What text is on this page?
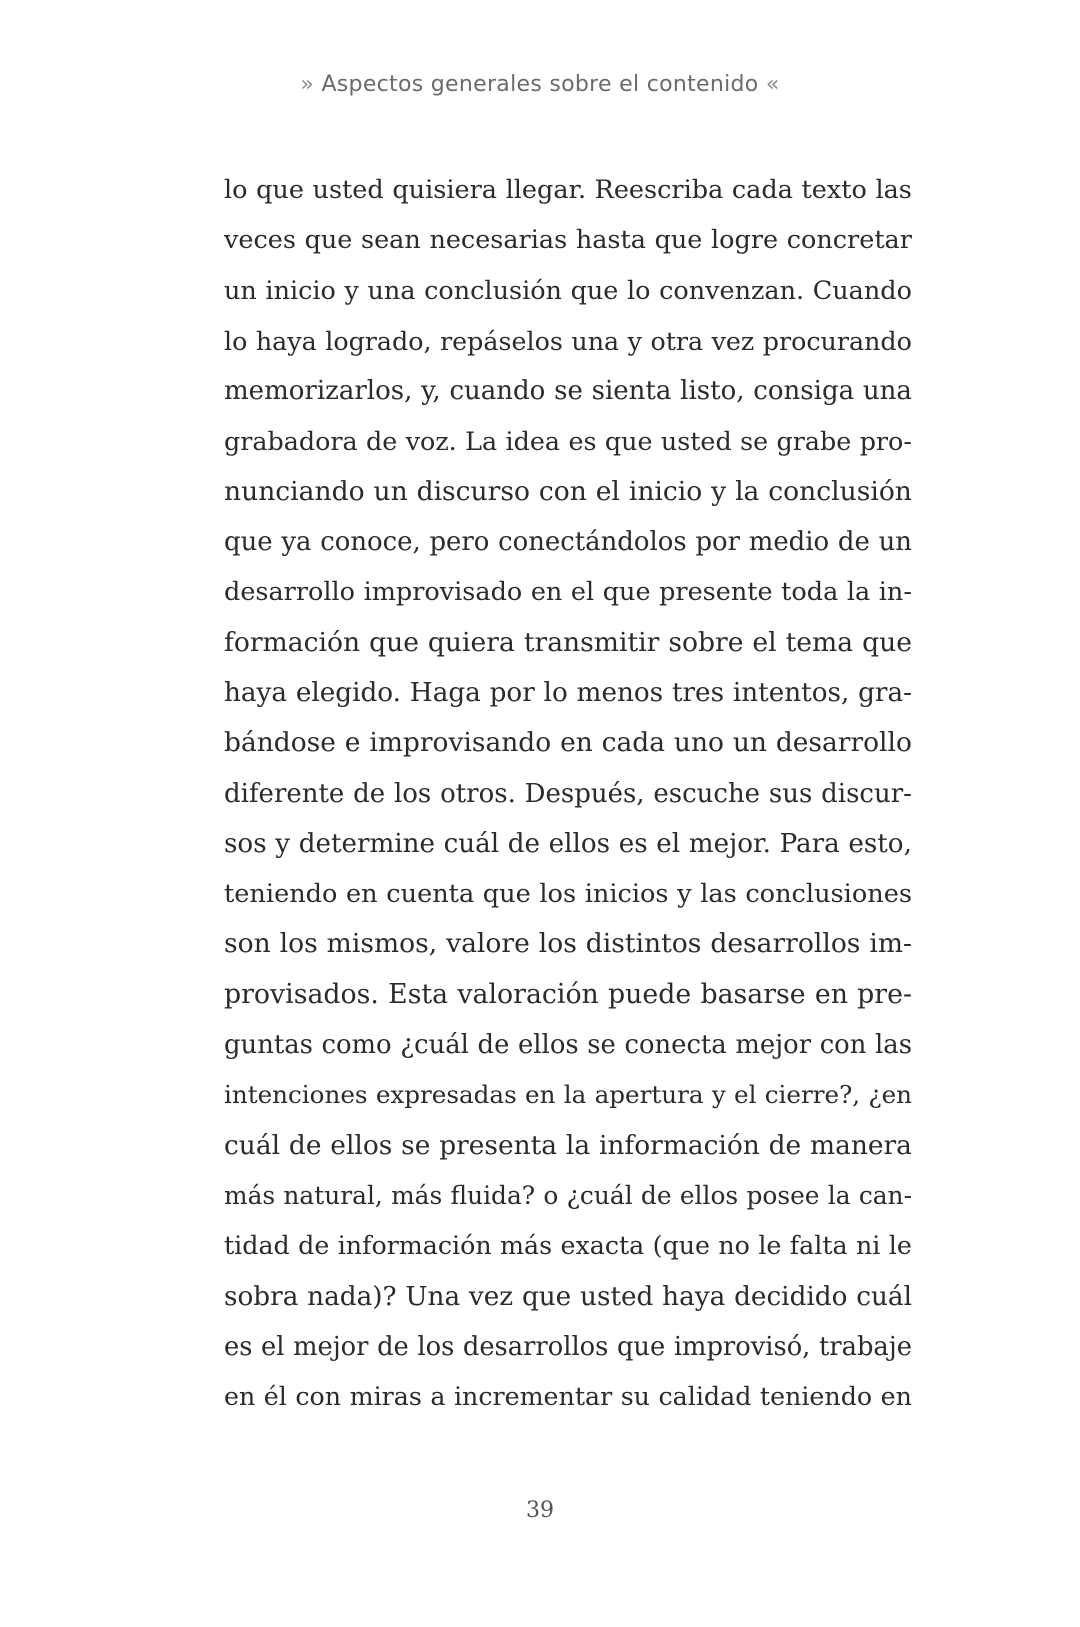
» Aspectos generales sobre el contenido «
lo que usted quisiera llegar. Reescriba cada texto las
veces que sean necesarias hasta que logre concretar
un inicio y una conclusión que lo convenzan. Cuando
lo haya logrado, repáselos una y otra vez procurando
memorizarlos, y, cuando se sienta listo, consiga una
grabadora de voz. La idea es que usted se grabe pro-
nunciando un discurso con el inicio y la conclusión
que ya conoce, pero conectándolos por medio de un
desarrollo improvisado en el que presente toda la in-
formación que quiera transmitir sobre el tema que
haya elegido. Haga por lo menos tres intentos, gra-
bándose e improvisando en cada uno un desarrollo
diferente de los otros. Después, escuche sus discur-
sos y determine cuál de ellos es el mejor. Para esto,
teniendo en cuenta que los inicios y las conclusiones
son los mismos, valore los distintos desarrollos im-
provisados. Esta valoración puede basarse en pre-
guntas como ¿cuál de ellos se conecta mejor con las
intenciones expresadas en la apertura y el cierre?, ¿en
cuál de ellos se presenta la información de manera
más natural, más fluida? o ¿cuál de ellos posee la can-
tidad de información más exacta (que no le falta ni le
sobra nada)? Una vez que usted haya decidido cuál
es el mejor de los desarrollos que improvisó, trabaje
en él con miras a incrementar su calidad teniendo en
39
